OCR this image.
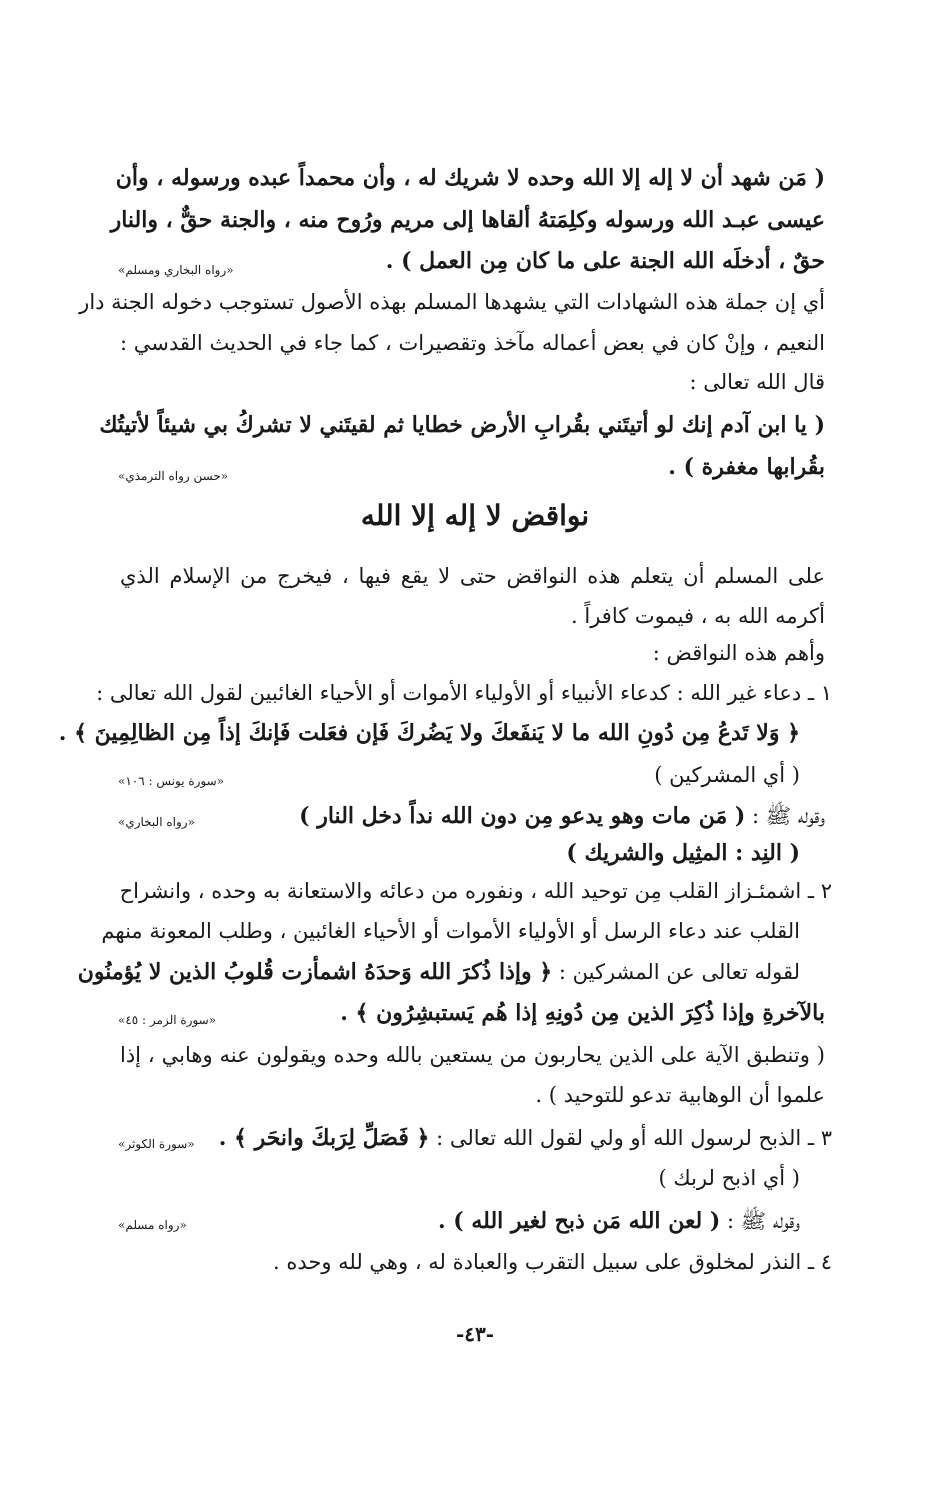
( مَن شهد أن لا إله إلا الله وحده لا شريك له ، وأن محمداً عبده ورسوله ، وأن
عيسى عبـد الله ورسوله وكلِمَتهُ ألقاها إلى مريم ورُوح منه ، والجنة حقٌّ ، والنار
حقٌ ، أدخلَه الله الجنة على ما كان مِن العمل ) .
«رواه البخاري ومسلم»
أي إن جملة هذه الشهادات التي يشهدها المسلم بهذه الأصول تستوجب دخوله الجنة دار
النعيم ، وإنْ كان في بعض أعماله مآخذ وتقصيرات ، كما جاء في الحديث القدسي :
قال الله تعالى :
( يا ابن آدم إنك لو أتيتَني بقُرابِ الأرض خطايا ثم لقيتَني لا تشركُ بي شيئاً لأتيتُك
بقُرابها مغفرة ) .
«حسن رواه الترمذي»
نواقض لا إله إلا الله
على المسلم أن يتعلم هذه النواقض حتى لا يقع فيها ، فيخرج من الإسلام الذي
أكرمه الله به ، فيموت كافراً .
وأهم هذه النواقض :
١ ـ دعاء غير الله : كدعاء الأنبياء أو الأولياء الأموات أو الأحياء الغائبين لقول الله تعالى :
﴿ وَلا تَدعُ مِن دُونِ الله ما لا يَنفَعكَ ولا يَضُركَ فَإن فعَلت فَإنكَ إذاً مِن الظالِمِينَ ﴾ .
( أي المشركين )
«سورة يونس : ١٠٦»
وقوله ﷺ : ( مَن مات وهو يدعو مِن دون الله نداً دخل النار )
«رواه البخاري»
( النِد : المثِيل والشريك )
٢ ـ اشمئـزاز القلب مِن توحيد الله ، ونفوره من دعائه والاستعانة به وحده ، وانشراح
القلب عند دعاء الرسل أو الأولياء الأموات أو الأحياء الغائبين ، وطلب المعونة منهم
لقوله تعالى عن المشركين : ﴿ وإذا ذُكرَ الله وَحدَهُ اشمأزت قُلوبُ الذين لا يُؤمنُون
بالآخرةِ وإذا ذُكِرَ الذين مِن دُونِهِ إذا هُم يَستبشِرُون ﴾ .
«سورة الزمر : ٤٥»
( وتنطبق الآية على الذين يحاربون من يستعين بالله وحده ويقولون عنه وهابي ، إذا
علموا أن الوهابية تدعو للتوحيد ) .
٣ ـ الذبح لرسول الله أو ولي لقول الله تعالى : ﴿ فَصَلِّ لِرَبكَ وانحَر ﴾ .
«سورة الكوثر»
( أي اذبح لربك )
وقوله ﷺ : ( لعن الله مَن ذبح لغير الله ) .
«رواه مسلم»
٤ ـ النذر لمخلوق على سبيل التقرب والعبادة له ، وهي لله وحده .
-٤٣-
